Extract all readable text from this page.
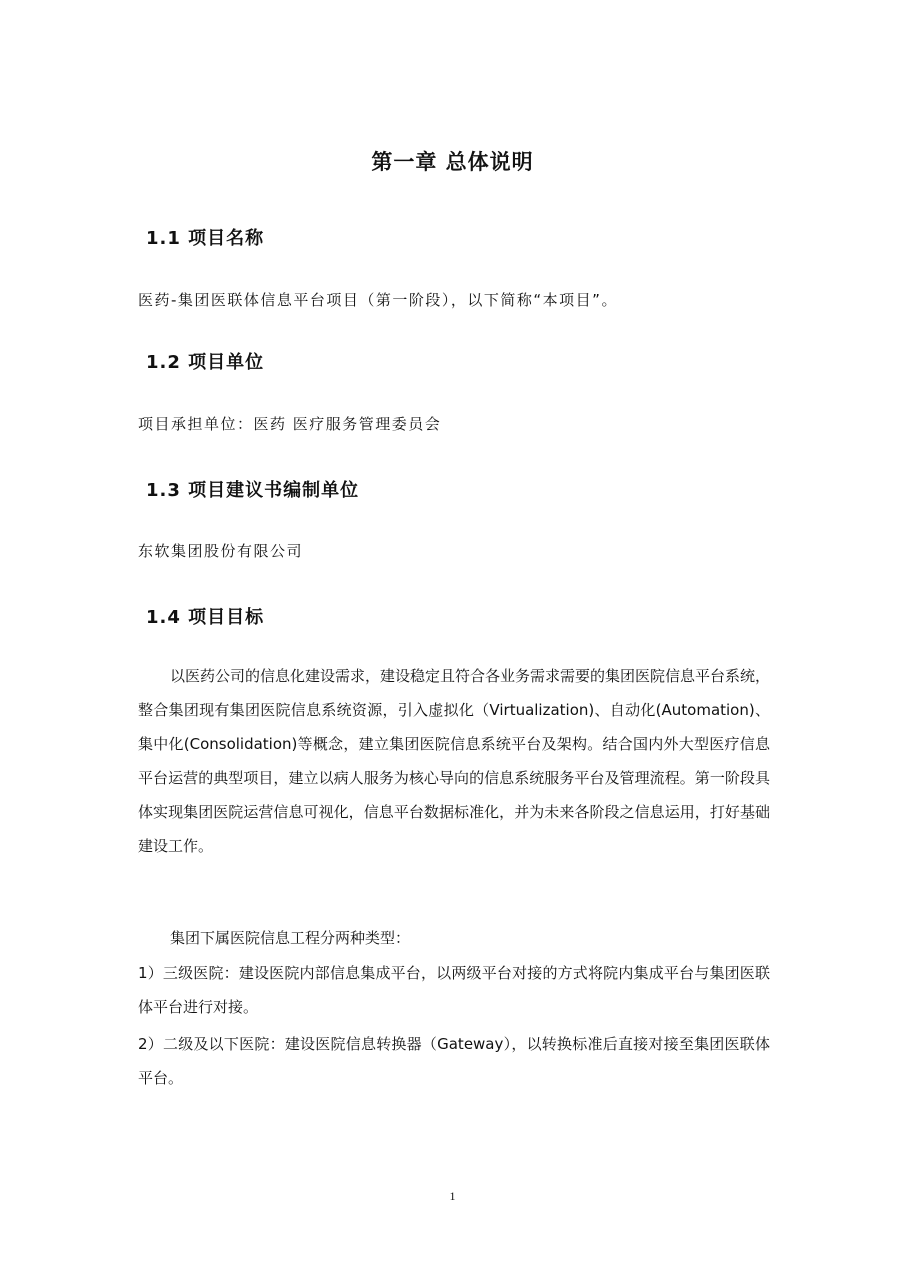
第一章 总体说明
1.1 项目名称

医药-集团医联体信息平台项目（第一阶段），以下简称“本项目”。

1.2 项目单位

项目承担单位：医药 医疗服务管理委员会

1.3 项目建议书编制单位

东软集团股份有限公司

1.4 项目目标

以医药公司的信息化建设需求，建设稳定且符合各业务需求需要的集团医院信息平台系统，整合集团现有集团医院信息系统资源，引入虚拟化（Virtualization)、自动化(Automation)、集中化(Consolidation)等概念，建立集团医院信息系统平台及架构。结合国内外大型医疗信息平台运营的典型项目，建立以病人服务为核心导向的信息系统服务平台及管理流程。第一阶段具体实现集团医院运营信息可视化，信息平台数据标准化，并为未来各阶段之信息运用，打好基础建设工作。

集团下属医院信息工程分两种类型：

1）三级医院：建设医院内部信息集成平台，以两级平台对接的方式将院内集成平台与集团医联体平台进行对接。

2）二级及以下医院：建设医院信息转换器（Gateway），以转换标准后直接对接至集团医联体平台。

1
